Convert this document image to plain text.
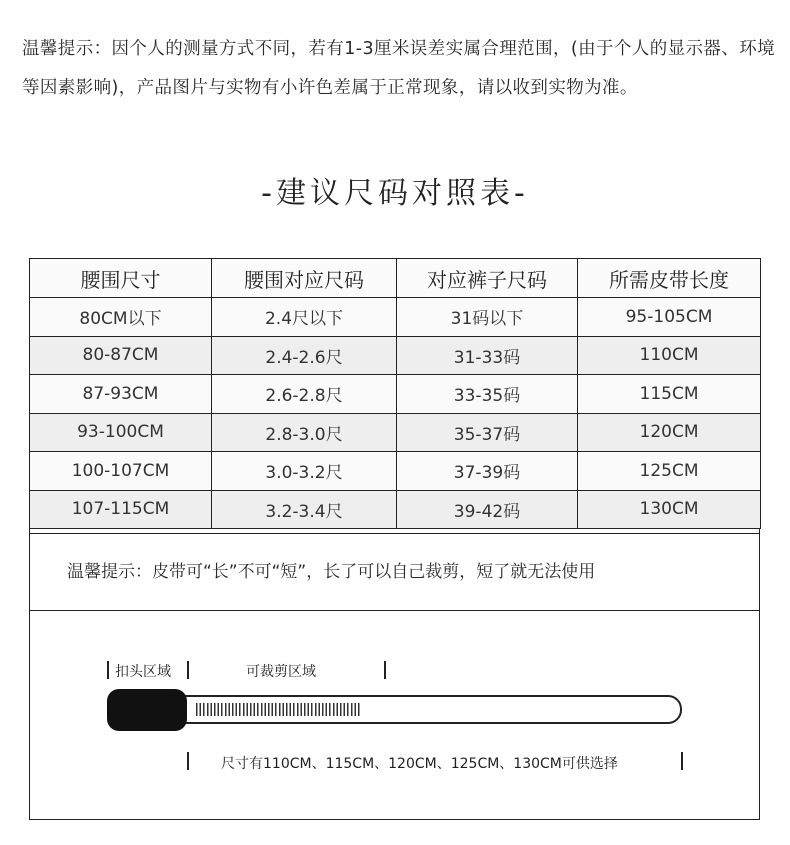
温馨提示：因个人的测量方式不同，若有1-3厘米误差实属合理范围，(由于个人的显示器、环境等因素影响)，产品图片与实物有小许色差属于正常现象，请以收到实物为准。
-建议尺码对照表-
腰围尺寸	腰围对应尺码	对应裤子尺码	所需皮带长度
80CM以下	2.4尺以下	31码以下	95-105CM
80-87CM	2.4-2.6尺	31-33码	110CM
87-93CM	2.6-2.8尺	33-35码	115CM
93-100CM	2.8-3.0尺	35-37码	120CM
100-107CM	3.0-3.2尺	37-39码	125CM
107-115CM	3.2-3.4尺	39-42码	130CM
温馨提示：皮带可“长”不可“短”，长了可以自己裁剪，短了就无法使用
扣头区域	可裁剪区域
尺寸有110CM、115CM、120CM、125CM、130CM可供选择
